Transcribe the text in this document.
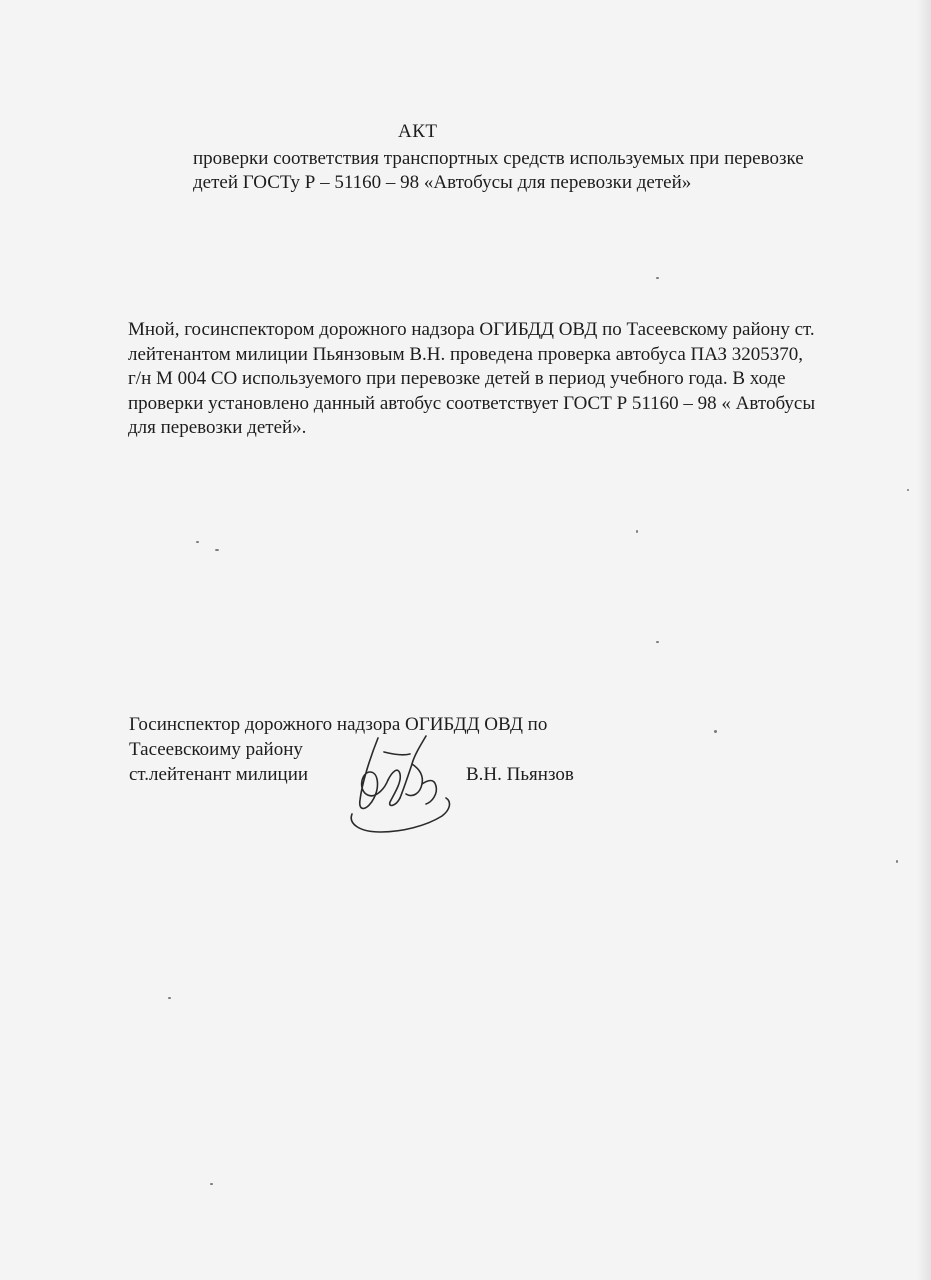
АКТ
проверки соответствия транспортных средств используемых при перевозке детей ГОСТу Р – 51160 – 98 «Автобусы для перевозки детей»
Мной, госинспектором дорожного надзора ОГИБДД ОВД по Тасеевскому району ст. лейтенантом милиции Пьянзовым В.Н. проведена проверка автобуса ПАЗ 3205370, г/н М 004 СО используемого при перевозке детей в период учебного года. В ходе проверки установлено данный автобус соответствует ГОСТ Р 51160 – 98 « Автобусы для перевозки детей».
Госинспектор дорожного надзора ОГИБДД ОВД по
Тасеевскоиму району
ст.лейтенант милиции	В.Н. Пьянзов
